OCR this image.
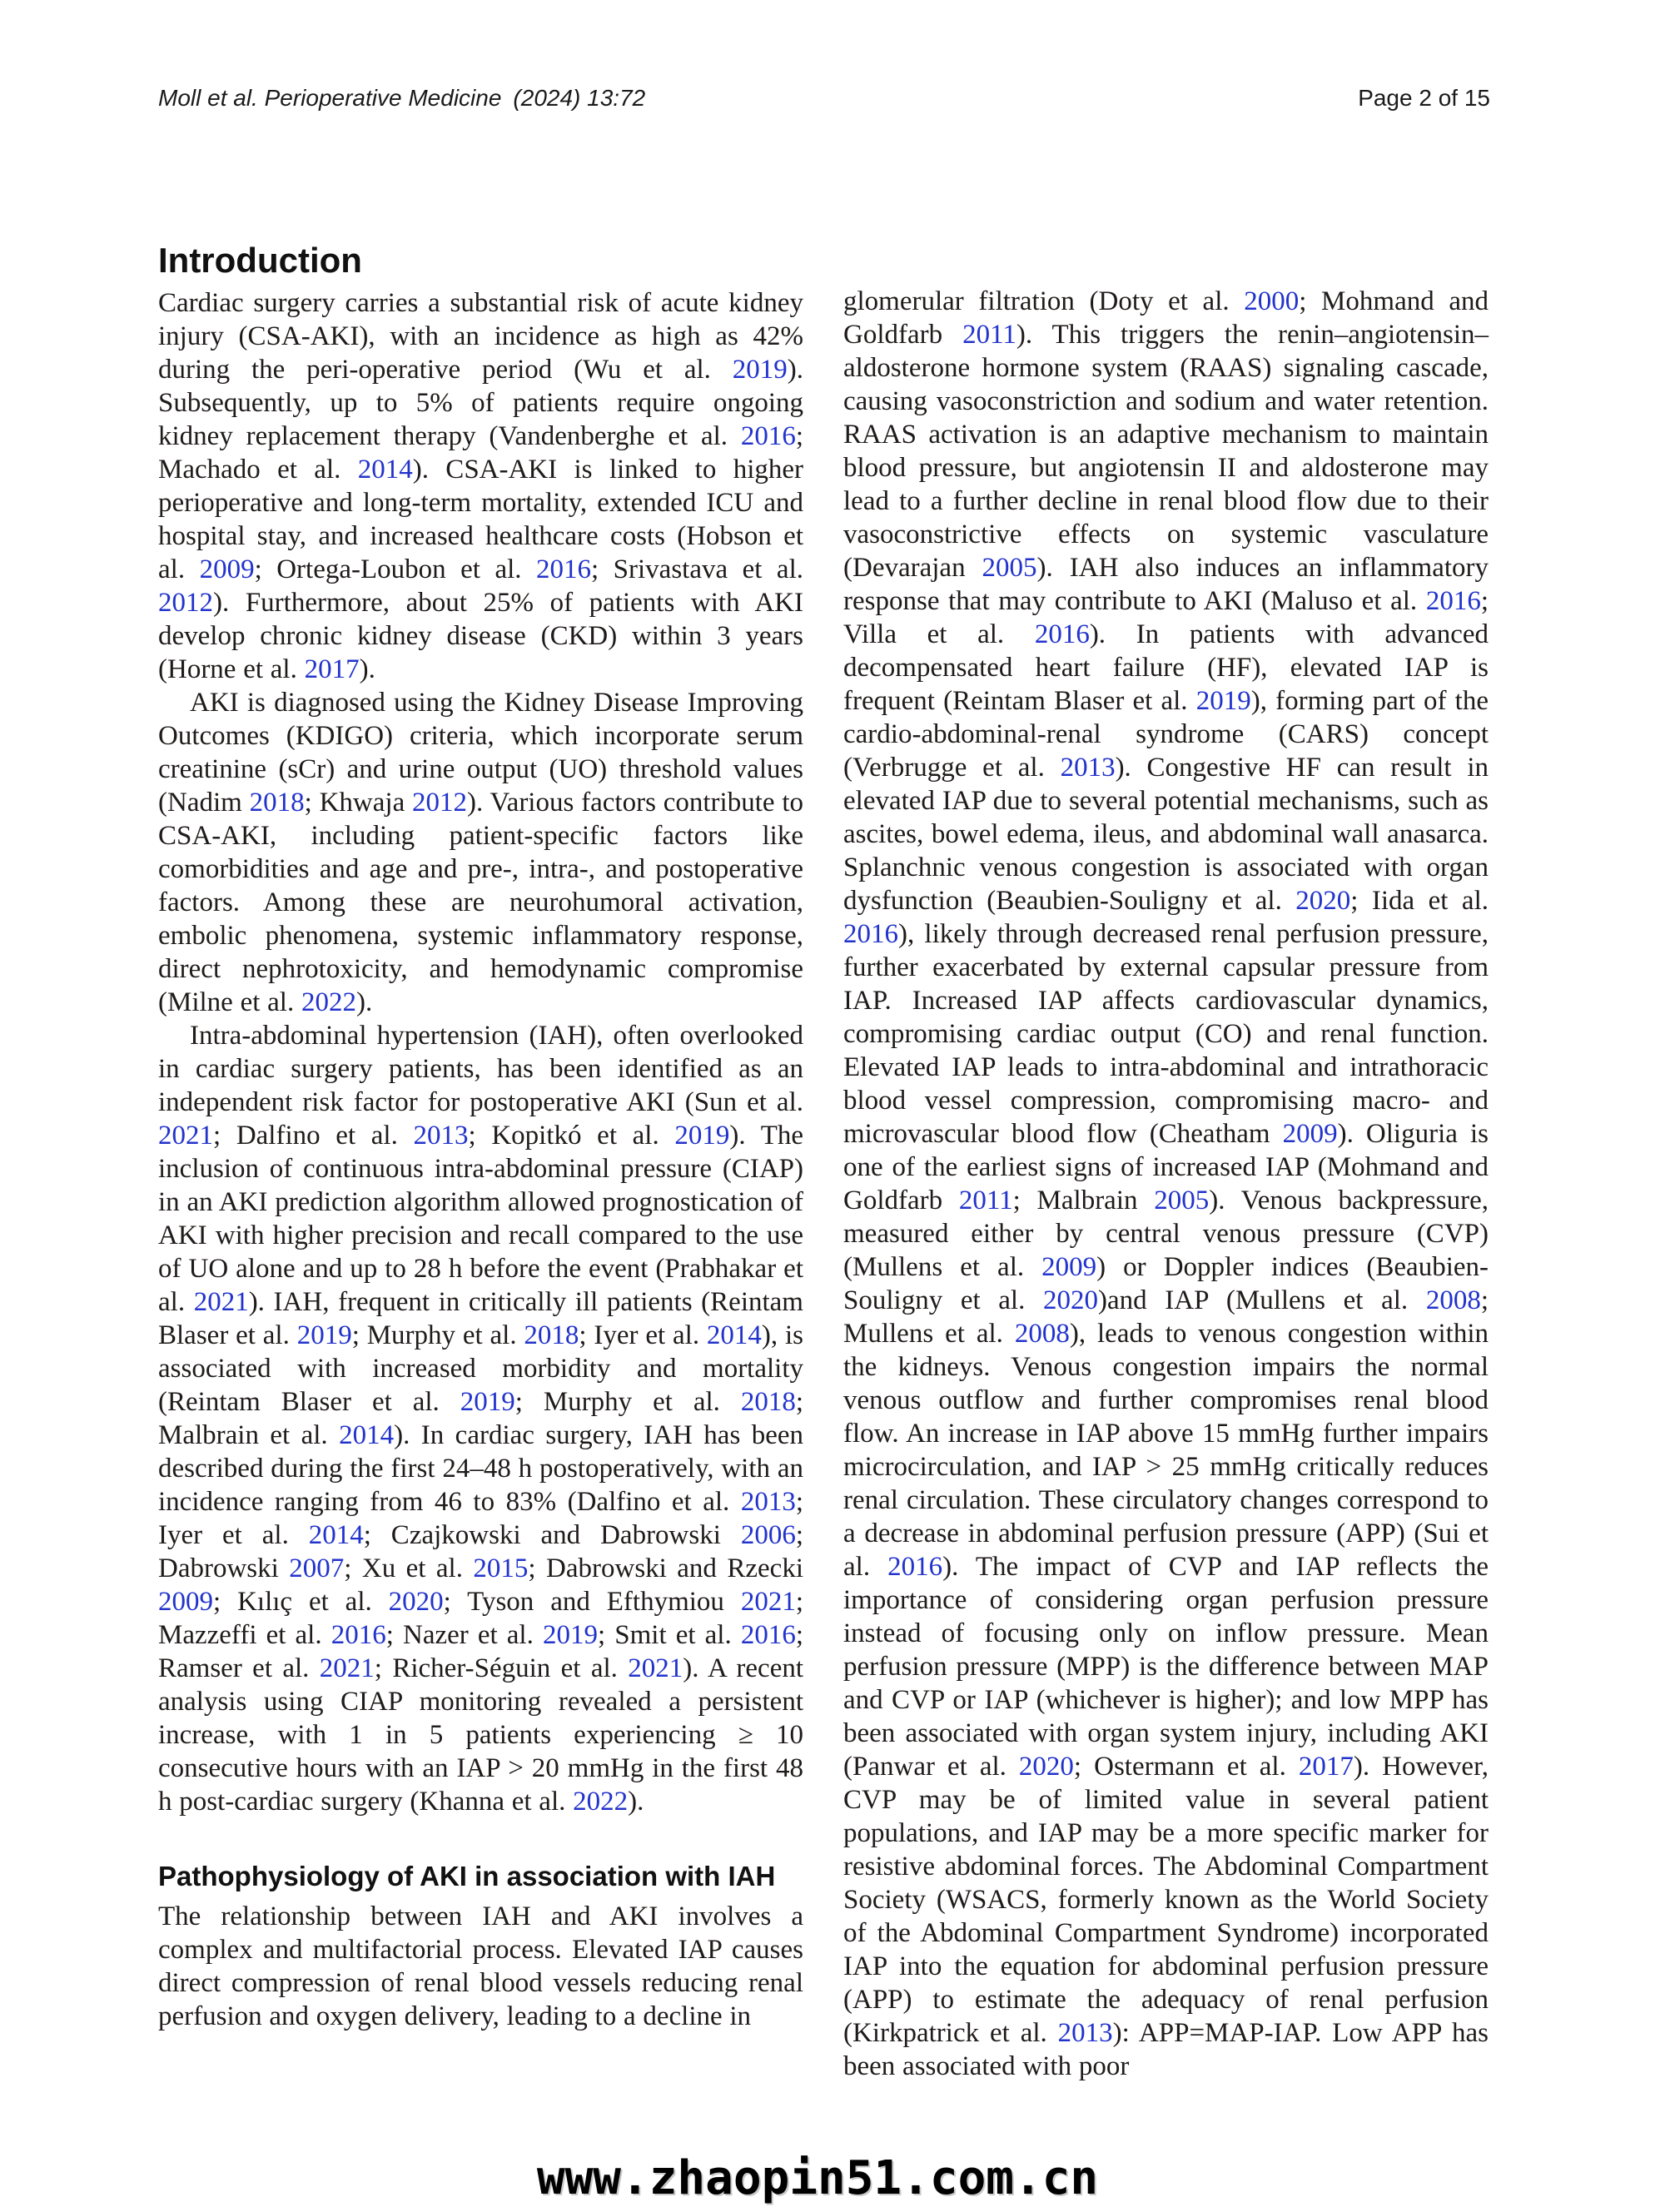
Moll et al. Perioperative Medicine (2024) 13:72	Page 2 of 15
Introduction

Cardiac surgery carries a substantial risk of acute kidney injury (CSA-AKI), with an incidence as high as 42% during the peri-operative period (Wu et al. 2019). Subsequently, up to 5% of patients require ongoing kidney replacement therapy (Vandenberghe et al. 2016; Machado et al. 2014). CSA-AKI is linked to higher perioperative and long-term mortality, extended ICU and hospital stay, and increased healthcare costs (Hobson et al. 2009; Ortega-Loubon et al. 2016; Srivastava et al. 2012). Furthermore, about 25% of patients with AKI develop chronic kidney disease (CKD) within 3 years (Horne et al. 2017).

AKI is diagnosed using the Kidney Disease Improving Outcomes (KDIGO) criteria, which incorporate serum creatinine (sCr) and urine output (UO) threshold values (Nadim 2018; Khwaja 2012). Various factors contribute to CSA-AKI, including patient-specific factors like comorbidities and age and pre-, intra-, and postoperative factors. Among these are neurohumoral activation, embolic phenomena, systemic inflammatory response, direct nephrotoxicity, and hemodynamic compromise (Milne et al. 2022).

Intra-abdominal hypertension (IAH), often overlooked in cardiac surgery patients, has been identified as an independent risk factor for postoperative AKI (Sun et al. 2021; Dalfino et al. 2013; Kopitkó et al. 2019). The inclusion of continuous intra-abdominal pressure (CIAP) in an AKI prediction algorithm allowed prognostication of AKI with higher precision and recall compared to the use of UO alone and up to 28 h before the event (Prabhakar et al. 2021). IAH, frequent in critically ill patients (Reintam Blaser et al. 2019; Murphy et al. 2018; Iyer et al. 2014), is associated with increased morbidity and mortality (Reintam Blaser et al. 2019; Murphy et al. 2018; Malbrain et al. 2014). In cardiac surgery, IAH has been described during the first 24–48 h postoperatively, with an incidence ranging from 46 to 83% (Dalfino et al. 2013; Iyer et al. 2014; Czajkowski and Dabrowski 2006; Dabrowski 2007; Xu et al. 2015; Dabrowski and Rzecki 2009; Kılıç et al. 2020; Tyson and Efthymiou 2021; Mazzeffi et al. 2016; Nazer et al. 2019; Smit et al. 2016; Ramser et al. 2021; Richer-Séguin et al. 2021). A recent analysis using CIAP monitoring revealed a persistent increase, with 1 in 5 patients experiencing ≥ 10 consecutive hours with an IAP > 20 mmHg in the first 48 h post-cardiac surgery (Khanna et al. 2022).

Pathophysiology of AKI in association with IAH

The relationship between IAH and AKI involves a complex and multifactorial process. Elevated IAP causes direct compression of renal blood vessels reducing renal perfusion and oxygen delivery, leading to a decline in

glomerular filtration (Doty et al. 2000; Mohmand and Goldfarb 2011). This triggers the renin–angiotensin–aldosterone hormone system (RAAS) signaling cascade, causing vasoconstriction and sodium and water retention. RAAS activation is an adaptive mechanism to maintain blood pressure, but angiotensin II and aldosterone may lead to a further decline in renal blood flow due to their vasoconstrictive effects on systemic vasculature (Devarajan 2005). IAH also induces an inflammatory response that may contribute to AKI (Maluso et al. 2016; Villa et al. 2016). In patients with advanced decompensated heart failure (HF), elevated IAP is frequent (Reintam Blaser et al. 2019), forming part of the cardio-abdominal-renal syndrome (CARS) concept (Verbrugge et al. 2013). Congestive HF can result in elevated IAP due to several potential mechanisms, such as ascites, bowel edema, ileus, and abdominal wall anasarca. Splanchnic venous congestion is associated with organ dysfunction (Beaubien-Souligny et al. 2020; Iida et al. 2016), likely through decreased renal perfusion pressure, further exacerbated by external capsular pressure from IAP. Increased IAP affects cardiovascular dynamics, compromising cardiac output (CO) and renal function. Elevated IAP leads to intra-abdominal and intrathoracic blood vessel compression, compromising macro- and microvascular blood flow (Cheatham 2009). Oliguria is one of the earliest signs of increased IAP (Mohmand and Goldfarb 2011; Malbrain 2005). Venous backpressure, measured either by central venous pressure (CVP) (Mullens et al. 2009) or Doppler indices (Beaubien-Souligny et al. 2020)and IAP (Mullens et al. 2008; Mullens et al. 2008), leads to venous congestion within the kidneys. Venous congestion impairs the normal venous outflow and further compromises renal blood flow. An increase in IAP above 15 mmHg further impairs microcirculation, and IAP > 25 mmHg critically reduces renal circulation. These circulatory changes correspond to a decrease in abdominal perfusion pressure (APP) (Sui et al. 2016). The impact of CVP and IAP reflects the importance of considering organ perfusion pressure instead of focusing only on inflow pressure. Mean perfusion pressure (MPP) is the difference between MAP and CVP or IAP (whichever is higher); and low MPP has been associated with organ system injury, including AKI (Panwar et al. 2020; Ostermann et al. 2017). However, CVP may be of limited value in several patient populations, and IAP may be a more specific marker for resistive abdominal forces. The Abdominal Compartment Society (WSACS, formerly known as the World Society of the Abdominal Compartment Syndrome) incorporated IAP into the equation for abdominal perfusion pressure (APP) to estimate the adequacy of renal perfusion (Kirkpatrick et al. 2013): APP=MAP-IAP. Low APP has been associated with poor

www.zhaopin51.com.cn
